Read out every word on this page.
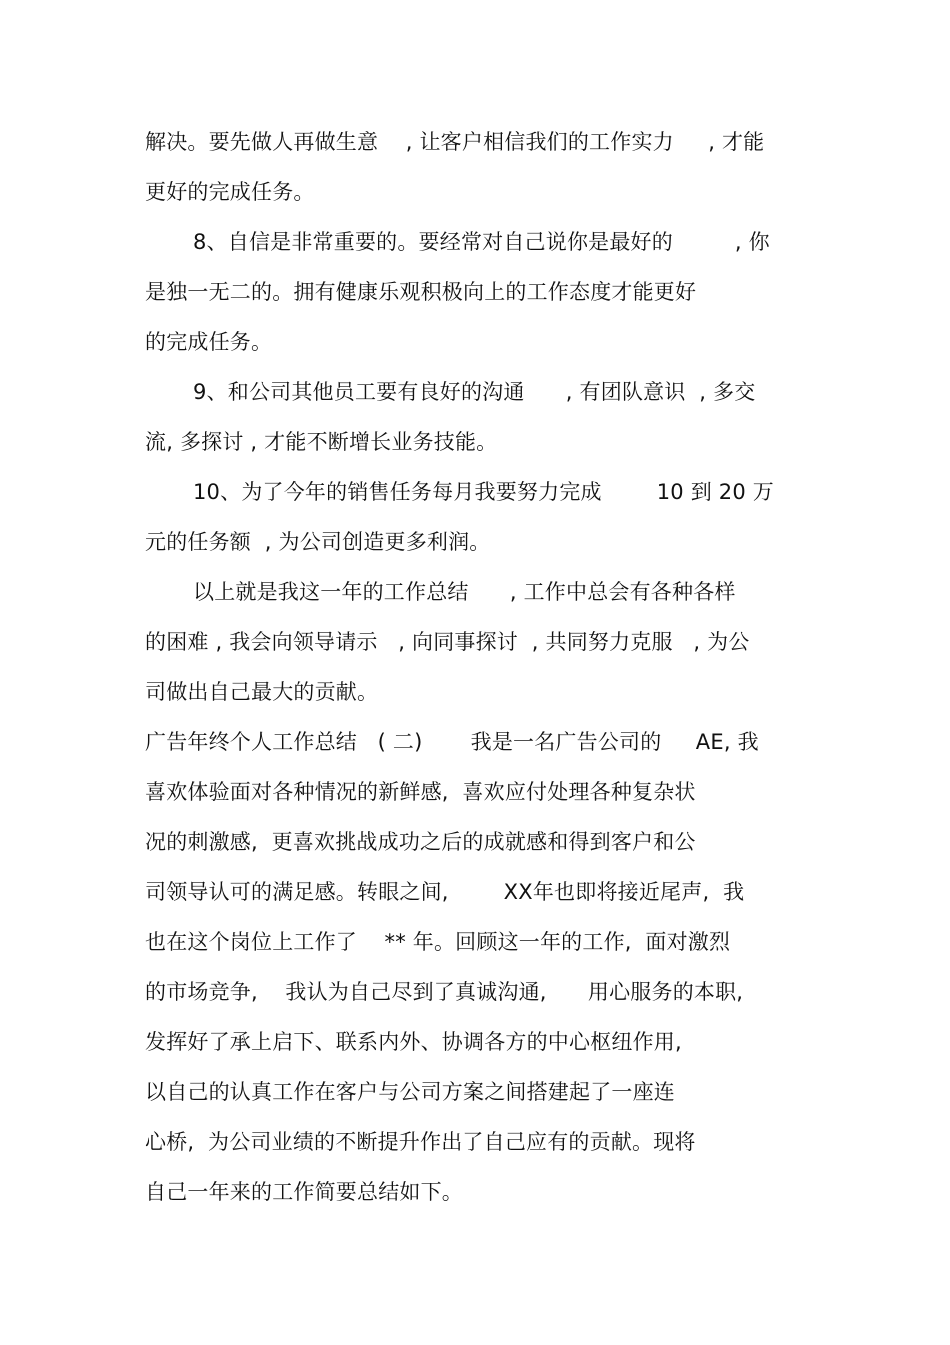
解决。要先做人再做生意    , 让客户相信我们的工作实力     , 才能
更好的完成任务。
8、自信是非常重要的。要经常对自己说你是最好的         , 你
是独一无二的。拥有健康乐观积极向上的工作态度才能更好
的完成任务。
9、和公司其他员工要有良好的沟通      , 有团队意识  , 多交
流, 多探讨 , 才能不断增长业务技能。
10、为了今年的销售任务每月我要努力完成        10 到 20 万
元的任务额  , 为公司创造更多利润。
以上就是我这一年的工作总结      , 工作中总会有各种各样
的困难 , 我会向领导请示   , 向同事探讨  , 共同努力克服   , 为公
司做出自己最大的贡献。
广告年终个人工作总结   ( 二)       我是一名广告公司的     AE, 我
喜欢体验面对各种情况的新鲜感,  喜欢应付处理各种复杂状
况的刺激感,  更喜欢挑战成功之后的成就感和得到客户和公
司领导认可的满足感。转眼之间,        XX年也即将接近尾声,  我
也在这个岗位上工作了    ** 年。回顾这一年的工作,  面对激烈
的市场竞争,    我认为自己尽到了真诚沟通,      用心服务的本职,
发挥好了承上启下、联系内外、协调各方的中心枢纽作用,
以自己的认真工作在客户与公司方案之间搭建起了一座连
心桥,  为公司业绩的不断提升作出了自己应有的贡献。现将
自己一年来的工作简要总结如下。
